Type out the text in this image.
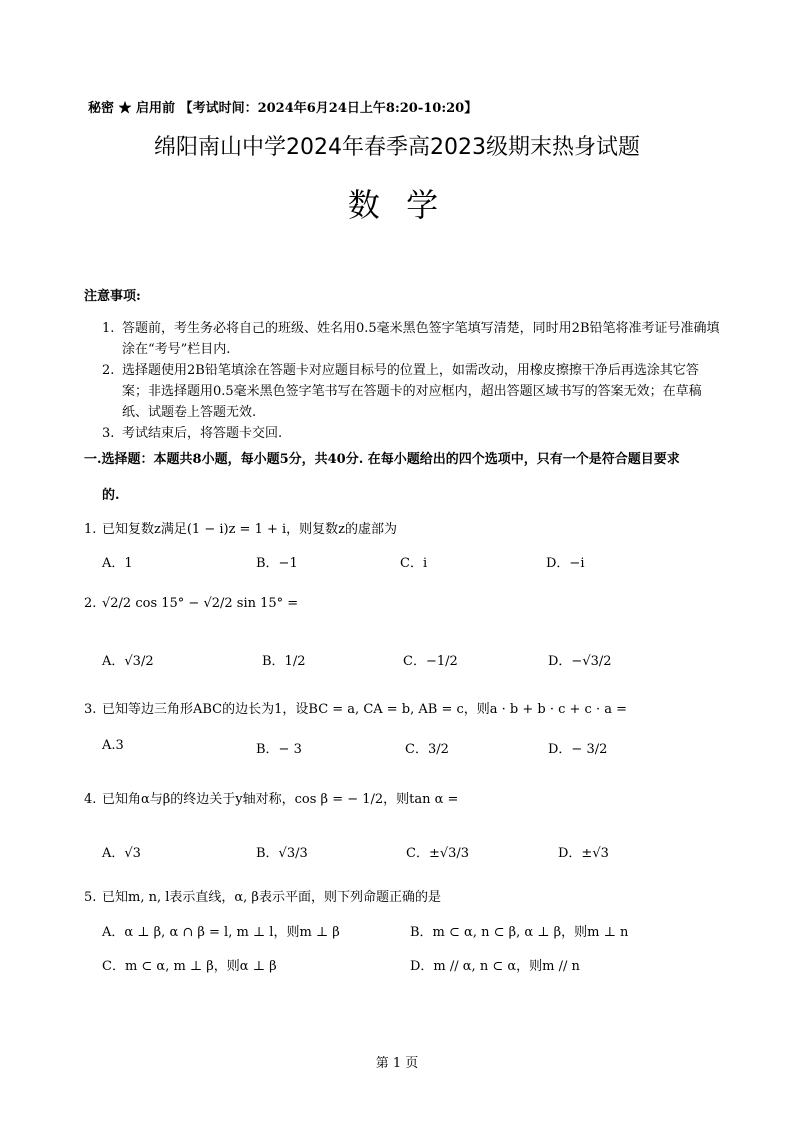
秘密 ★ 启用前 【考试时间：2024年6月24日上午8:20-10:20】
绵阳南山中学2024年春季高2023级期末热身试题
数 学
注意事项:
1. 答题前，考生务必将自己的班级、姓名用0.5毫米黑色签字笔填写清楚，同时用2B铅笔将准考证号准确填涂在“考号”栏目内.
2. 选择题使用2B铅笔填涂在答题卡对应题目标号的位置上，如需改动，用橡皮擦擦干净后再选涂其它答案；非选择题用0.5毫米黑色签字笔书写在答题卡的对应框内，超出答题区域书写的答案无效；在草稿纸、试题卷上答题无效.
3. 考试结束后，将答题卡交回.
一.选择题：本题共8小题，每小题5分，共40分. 在每小题给出的四个选项中，只有一个是符合题目要求
的.
1. 已知复数z满足(1 − i)z = 1 + i，则复数z的虚部为
A．1	B．−1	C．i	D．−i
2. √2/2 cos 15° − √2/2 sin 15° =
A．√3/2	B．1/2	C．−1/2	D．−√3/2
3. 已知等边三角形ABC的边长为1，设BC = a, CA = b, AB = c，则a · b + b · c + c · a =
A.3	B．− 3	C．3/2	D．− 3/2
4. 已知角α与β的终边关于y轴对称，cos β = − 1/2，则tan α =
A．√3	B．√3/3	C．±√3/3	D．±√3
5. 已知m, n, l表示直线，α, β表示平面，则下列命题正确的是
A．α ⊥ β, α ∩ β = l, m ⊥ l，则m ⊥ β	B．m ⊂ α, n ⊂ β, α ⊥ β，则m ⊥ n
C．m ⊂ α, m ⊥ β，则α ⊥ β	D．m // α, n ⊂ α，则m // n
第 1 页
